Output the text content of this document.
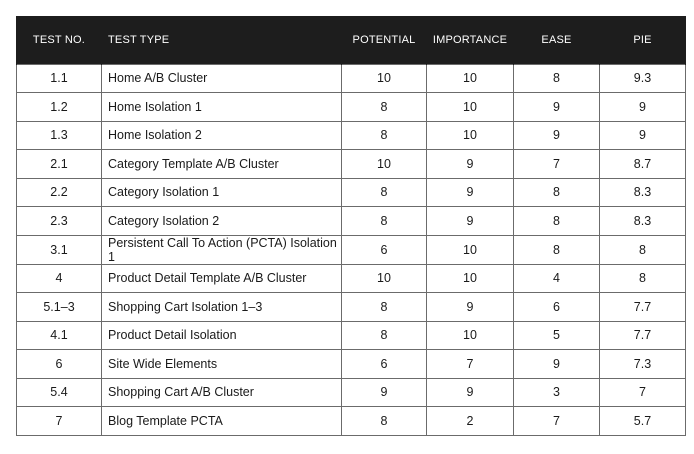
TEST NO.	TEST TYPE	POTENTIAL	IMPORTANCE	EASE	PIE
1.1	Home A/B Cluster	10	10	8	9.3
1.2	Home Isolation 1	8	10	9	9
1.3	Home Isolation 2	8	10	9	9
2.1	Category Template A/B Cluster	10	9	7	8.7
2.2	Category Isolation 1	8	9	8	8.3
2.3	Category Isolation 2	8	9	8	8.3
3.1	Persistent Call To Action (PCTA) Isolation 1	6	10	8	8
4	Product Detail Template A/B Cluster	10	10	4	8
5.1–3	Shopping Cart Isolation 1–3	8	9	6	7.7
4.1	Product Detail Isolation	8	10	5	7.7
6	Site Wide Elements	6	7	9	7.3
5.4	Shopping Cart A/B Cluster	9	9	3	7
7	Blog Template PCTA	8	2	7	5.7
